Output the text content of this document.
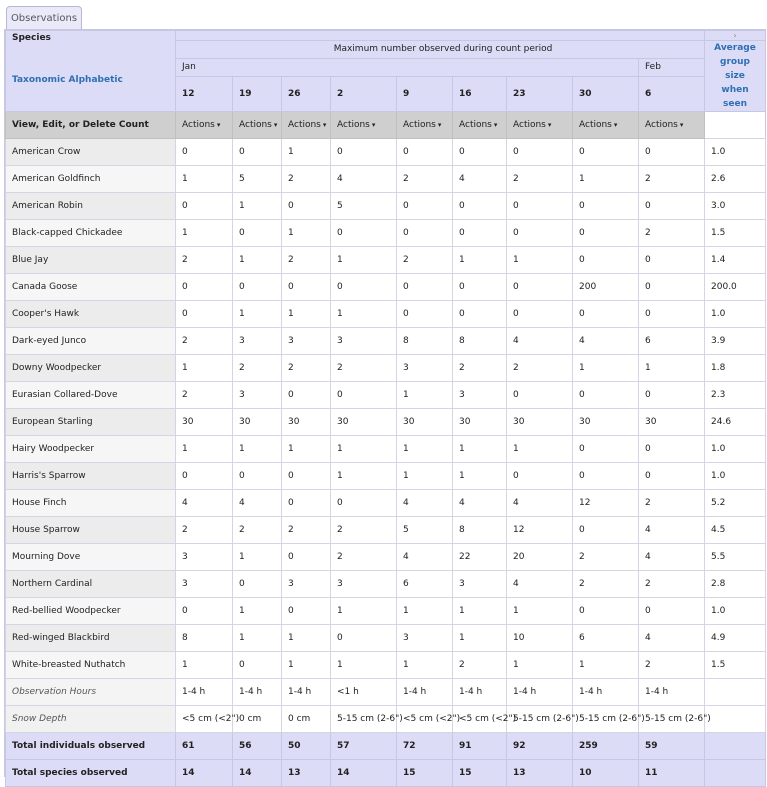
Observations
Species
Taxonomic Alphabetic										›
	Maximum number observed during count period									Average group size when seen

	Jan								Feb	
	12	19	26	2	9	16	23	30	6	
View, Edit, or Delete Count	Actions ▾	Actions ▾	Actions ▾	Actions ▾	Actions ▾	Actions ▾	Actions ▾	Actions ▾	Actions ▾	
American Crow	0	0	1	0	0	0	0	0	0	1.0
American Goldfinch	1	5	2	4	2	4	2	1	2	2.6
American Robin	0	1	0	5	0	0	0	0	0	3.0
Black-capped Chickadee	1	0	1	0	0	0	0	0	2	1.5
Blue Jay	2	1	2	1	2	1	1	0	0	1.4
Canada Goose	0	0	0	0	0	0	0	200	0	200.0
Cooper's Hawk	0	1	1	1	0	0	0	0	0	1.0
Dark-eyed Junco	2	3	3	3	8	8	4	4	6	3.9
Downy Woodpecker	1	2	2	2	3	2	2	1	1	1.8
Eurasian Collared-Dove	2	3	0	0	1	3	0	0	0	2.3
European Starling	30	30	30	30	30	30	30	30	30	24.6
Hairy Woodpecker	1	1	1	1	1	1	1	0	0	1.0
Harris's Sparrow	0	0	0	1	1	1	0	0	0	1.0
House Finch	4	4	0	0	4	4	4	12	2	5.2
House Sparrow	2	2	2	2	5	8	12	0	4	4.5
Mourning Dove	3	1	0	2	4	22	20	2	4	5.5
Northern Cardinal	3	0	3	3	6	3	4	2	2	2.8
Red-bellied Woodpecker	0	1	0	1	1	1	1	0	0	1.0
Red-winged Blackbird	8	1	1	0	3	1	10	6	4	4.9
White-breasted Nuthatch	1	0	1	1	1	2	1	1	2	1.5
Observation Hours	1-4 h	1-4 h	1-4 h	<1 h	1-4 h	1-4 h	1-4 h	1-4 h	1-4 h	
Snow Depth	<5 cm (<2")	0 cm	0 cm	5-15 cm (2-6")	<5 cm (<2")	<5 cm (<2")	5-15 cm (2-6")	5-15 cm (2-6")	5-15 cm (2-6")	
Total individuals observed	61	56	50	57	72	91	92	259	59	
Total species observed	14	14	13	14	15	15	13	10	11	
